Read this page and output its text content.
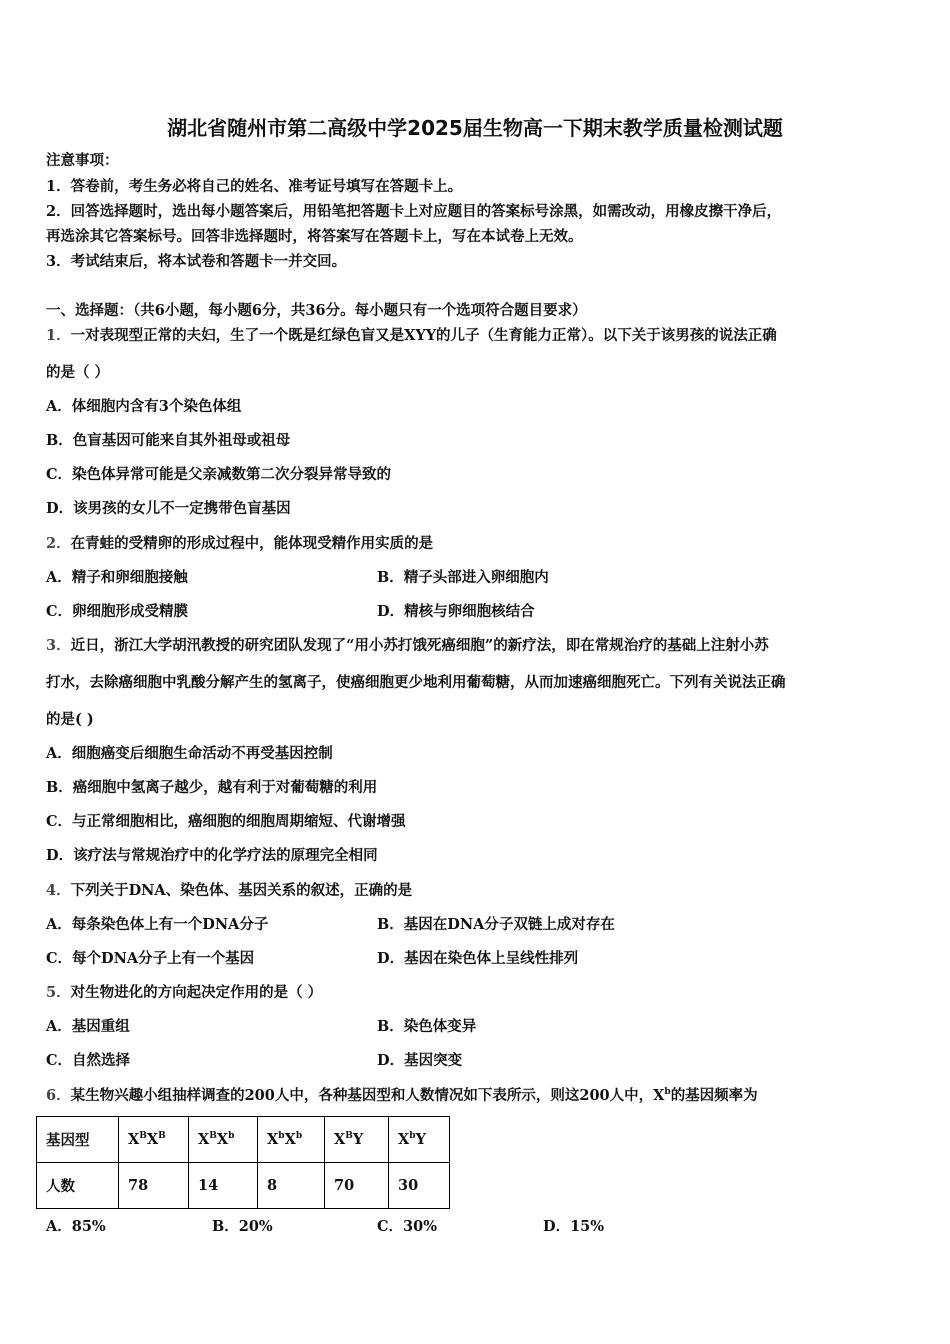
湖北省随州市第二高级中学2025届生物高一下期末教学质量检测试题
注意事项：
1．答卷前，考生务必将自己的姓名、准考证号填写在答题卡上。
2．回答选择题时，选出每小题答案后，用铅笔把答题卡上对应题目的答案标号涂黑，如需改动，用橡皮擦干净后，
再选涂其它答案标号。回答非选择题时，将答案写在答题卡上，写在本试卷上无效。
3．考试结束后，将本试卷和答题卡一并交回。
一、选择题：（共6小题，每小题6分，共36分。每小题只有一个选项符合题目要求）
1．一对表现型正常的夫妇，生了一个既是红绿色盲又是XYY的儿子（生育能力正常）。以下关于该男孩的说法正确
的是（ ）
A．体细胞内含有3个染色体组
B．色盲基因可能来自其外祖母或祖母
C．染色体异常可能是父亲减数第二次分裂异常导致的
D．该男孩的女儿不一定携带色盲基因
2．在青蛙的受精卵的形成过程中，能体现受精作用实质的是
A．精子和卵细胞接触	B．精子头部进入卵细胞内
C．卵细胞形成受精膜	D．精核与卵细胞核结合
3．近日，浙江大学胡汛教授的研究团队发现了“用小苏打饿死癌细胞”的新疗法，即在常规治疗的基础上注射小苏
打水，去除癌细胞中乳酸分解产生的氢离子，使癌细胞更少地利用葡萄糖，从而加速癌细胞死亡。下列有关说法正确
的是( )
A．细胞癌变后细胞生命活动不再受基因控制
B．癌细胞中氢离子越少，越有利于对葡萄糖的利用
C．与正常细胞相比，癌细胞的细胞周期缩短、代谢增强
D．该疗法与常规治疗中的化学疗法的原理完全相同
4．下列关于DNA、染色体、基因关系的叙述，正确的是
A．每条染色体上有一个DNA分子	B．基因在DNA分子双链上成对存在
C．每个DNA分子上有一个基因	D．基因在染色体上呈线性排列
5．对生物进化的方向起决定作用的是（ ）
A．基因重组	B．染色体变异
C．自然选择	D．基因突变
6．某生物兴趣小组抽样调查的200人中，各种基因型和人数情况如下表所示，则这200人中，$X^b$的基因频率为
基因型	$X^BX^B$	$X^BX^b$	$X^bX^b$	$X^BY$	$X^bY$
人数	78	14	8	70	30
A．85%	B．20%	C．30%	D．15%
